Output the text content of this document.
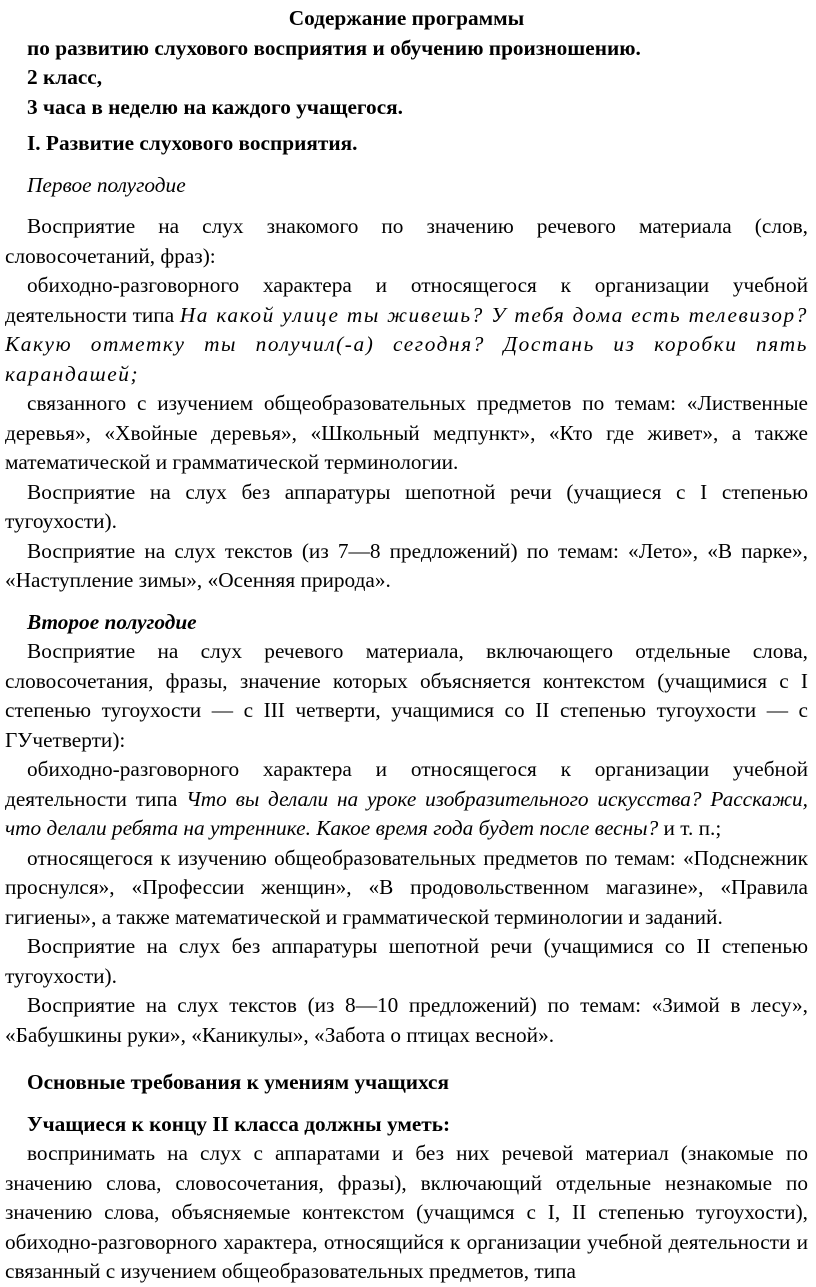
Содержание программы
по развитию слухового восприятия и обучению произношению.
2 класс,
3 часа в неделю на каждого учащегося.
I. Развитие слухового восприятия.
Первое полугодие

Восприятие на слух знакомого по значению речевого материала (слов, словосочетаний, фраз):

обиходно-разговорного характера и относящегося к организации учебной деятельности типа На какой улице ты живешь? У тебя дома есть телевизор? Какую отметку ты получил(-а) сегодня? Достань из коробки пять карандашей;

связанного с изучением общеобразовательных предметов по темам: «Лиственные деревья», «Хвойные деревья», «Школьный медпункт», «Кто где живет», а также математической и грамматической терминологии.

Восприятие на слух без аппаратуры шепотной речи (учащиеся с I степенью тугоухости).

Восприятие на слух текстов (из 7—8 предложений) по темам: «Лето», «В парке», «Наступление зимы», «Осенняя природа».

Второе полугодие

Восприятие на слух речевого материала, включающего отдельные слова, словосочетания, фразы, значение которых объясняется контекстом (учащимися с I степенью тугоухости — с III четверти, учащимися со II степенью тугоухости — с ГУчетверти):

обиходно-разговорного характера и относящегося к организации учебной деятельности типа Что вы делали на уроке изобразительного искусства? Расскажи, что делали ребята на утреннике. Какое время года будет после весны? и т. п.;

относящегося к изучению общеобразовательных предметов по темам: «Подснежник проснулся», «Профессии женщин», «В продовольственном магазине», «Правила гигиены», а также математической и грамматической терминологии и заданий.

Восприятие на слух без аппаратуры шепотной речи (учащимися со II степенью тугоухости).

Восприятие на слух текстов (из 8—10 предложений) по темам: «Зимой в лесу», «Бабушкины руки», «Каникулы», «Забота о птицах весной».

Основные требования к умениям учащихся
Учащиеся к концу II класса должны уметь:

воспринимать на слух с аппаратами и без них речевой материал (знакомые по значению слова, словосочетания, фразы), включающий отдельные незнакомые по значению слова, объясняемые контекстом (учащимся с I, II степенью тугоухости), обиходно-разговорного характера, относящийся к организации учебной деятельности и связанный с изучением общеобразовательных предметов, типа
